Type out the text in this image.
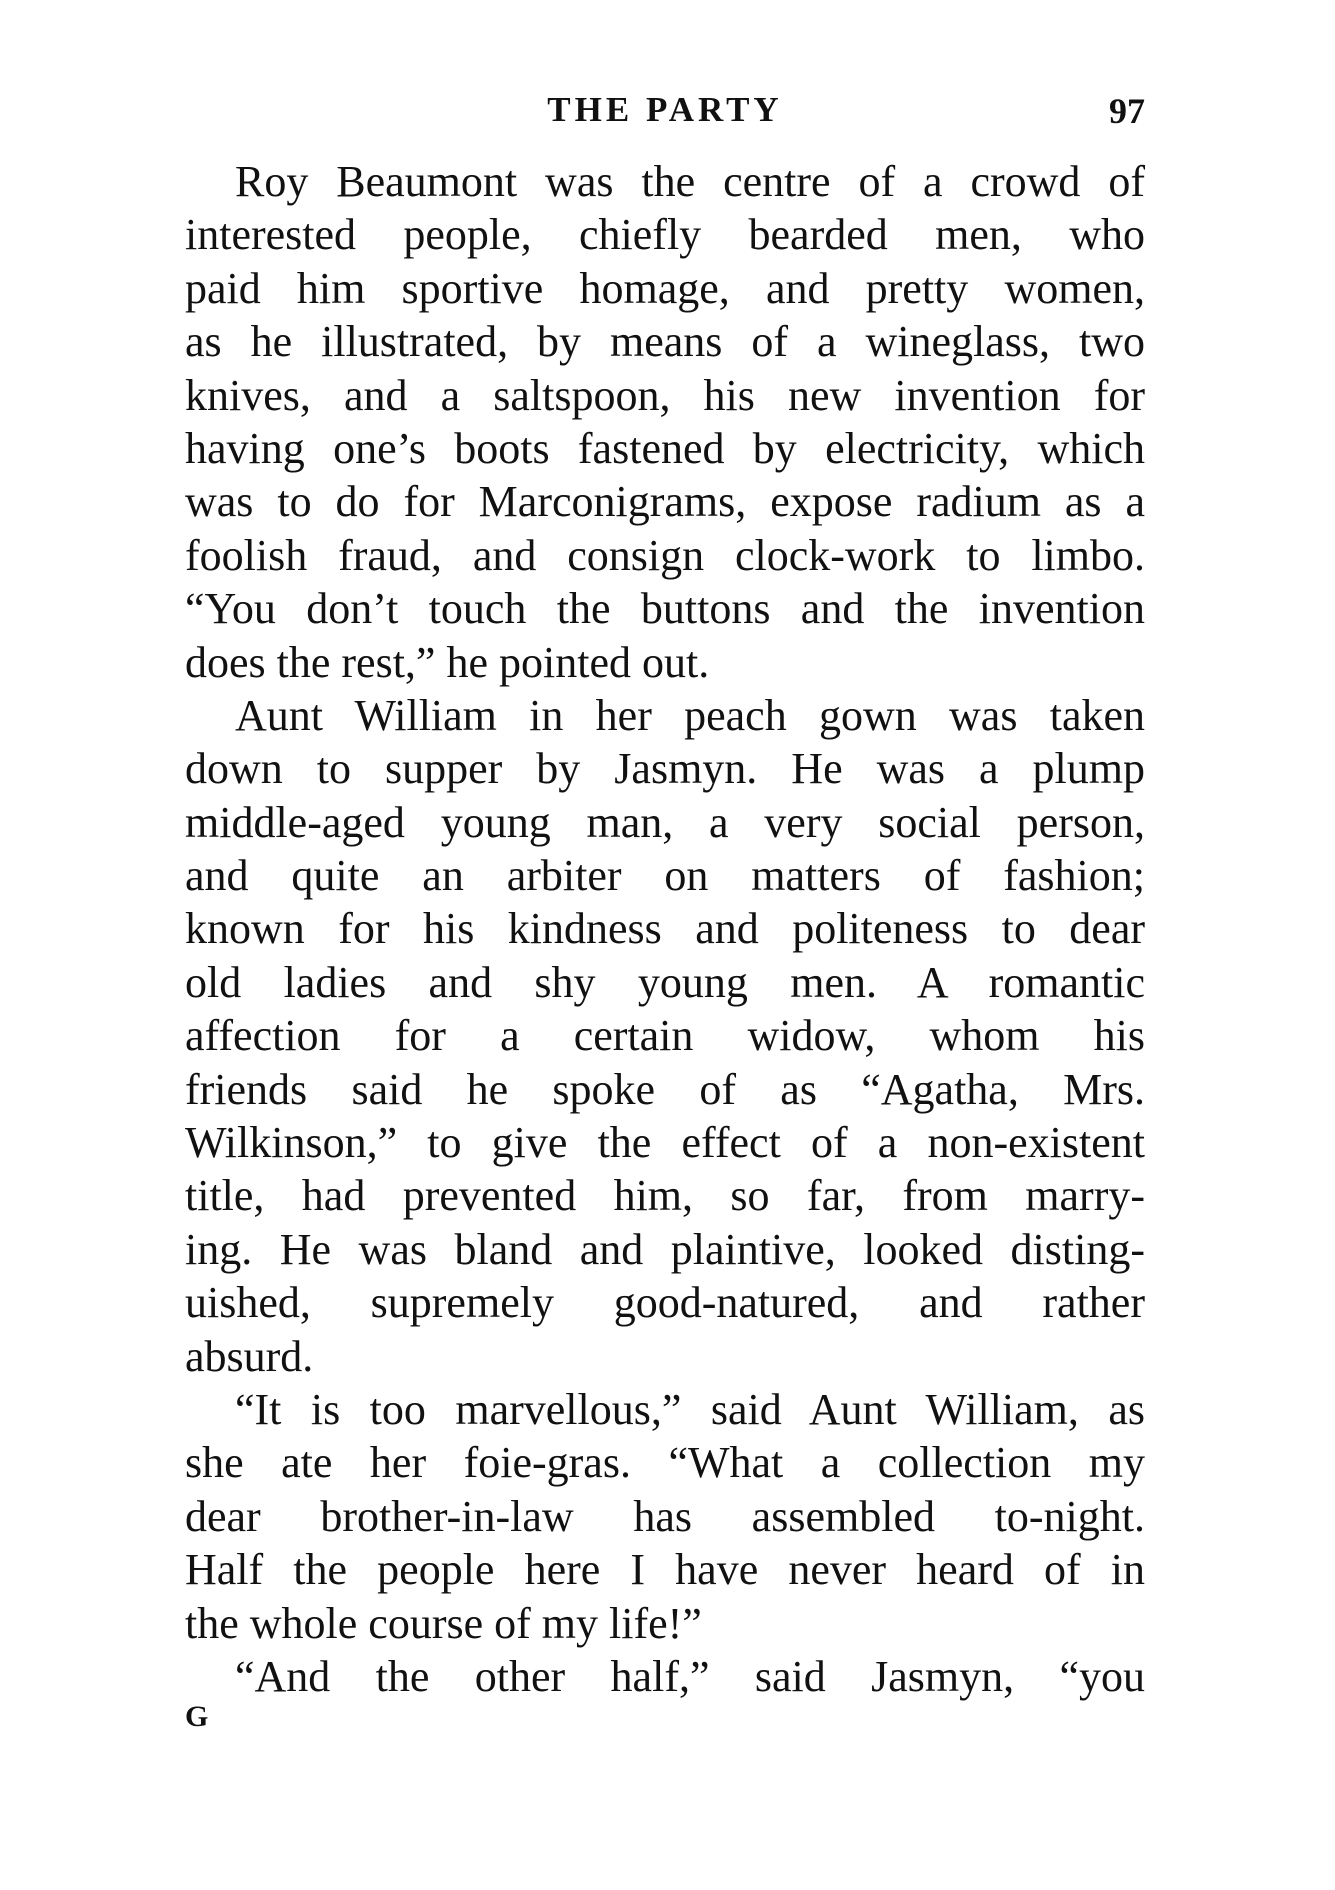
THE PARTY	97
Roy Beaumont was the centre of a crowd of
interested people, chiefly bearded men, who
paid him sportive homage, and pretty women,
as he illustrated, by means of a wineglass, two
knives, and a saltspoon, his new invention for
having one’s boots fastened by electricity, which
was to do for Marconigrams, expose radium as a
foolish fraud, and consign clock-work to limbo.
“You don’t touch the buttons and the invention
does the rest,” he pointed out.
Aunt William in her peach gown was taken
down to supper by Jasmyn. He was a plump
middle-aged young man, a very social person,
and quite an arbiter on matters of fashion;
known for his kindness and politeness to dear
old ladies and shy young men. A romantic
affection for a certain widow, whom his
friends said he spoke of as “Agatha, Mrs.
Wilkinson,” to give the effect of a non-existent
title, had prevented him, so far, from marry-
ing. He was bland and plaintive, looked disting-
uished, supremely good-natured, and rather
absurd.
“It is too marvellous,” said Aunt William, as
she ate her foie-gras. “What a collection my
dear brother-in-law has assembled to-night.
Half the people here I have never heard of in
the whole course of my life!”
“And the other half,” said Jasmyn, “you
G
